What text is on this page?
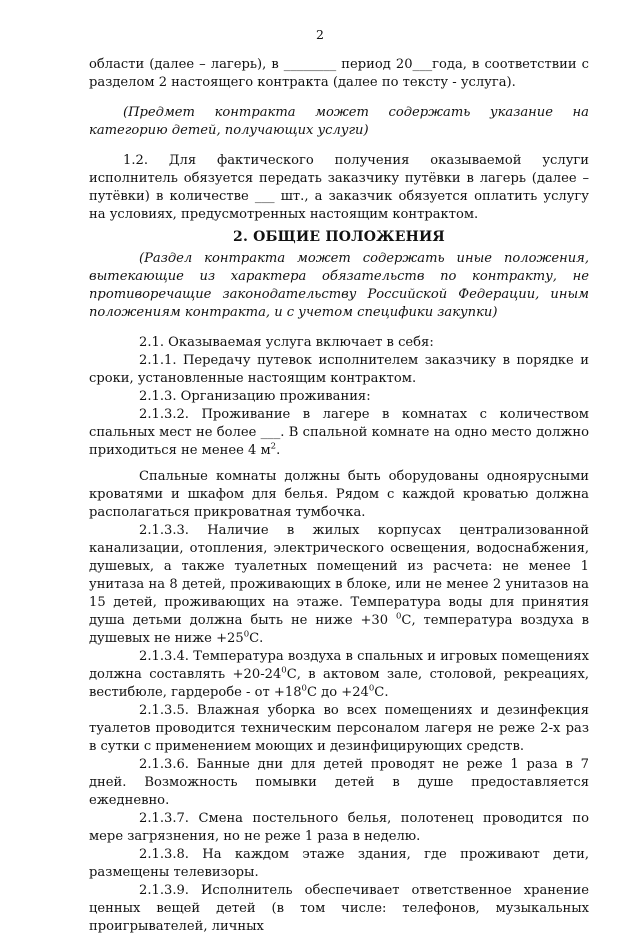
2

области (далее – лагерь), в ________ период 20___года, в соответствии с разделом 2 настоящего контракта (далее по тексту - услуга).

(Предмет контракта может содержать указание на категорию детей, получающих услуги)

1.2. Для фактического получения оказываемой услуги исполнитель обязуется передать заказчику путёвки в лагерь (далее – путёвки) в количестве ___ шт., а заказчик обязуется оплатить услугу на условиях, предусмотренных настоящим контрактом.

2. ОБЩИЕ ПОЛОЖЕНИЯ

(Раздел контракта может содержать иные положения, вытекающие из характера обязательств по контракту, не противоречащие законодательству Российской Федерации, иным положениям контракта, и с учетом специфики закупки)

2.1. Оказываемая услуга включает в себя:

2.1.1. Передачу путевок исполнителем заказчику в порядке и сроки, установленные настоящим контрактом.

2.1.3. Организацию проживания:

2.1.3.2. Проживание в лагере в комнатах с количеством спальных мест не более ___. В спальной комнате на одно место должно приходиться не менее 4 $м^2$.

Спальные комнаты должны быть оборудованы одноярусными кроватями и шкафом для белья. Рядом с каждой кроватью должна располагаться прикроватная тумбочка.

2.1.3.3. Наличие в жилых корпусах централизованной канализации, отопления, электрического освещения, водоснабжения, душевых, а также туалетных помещений из расчета: не менее 1 унитаза на 8 детей, проживающих в блоке, или не менее 2 унитазов на 15 детей, проживающих на этаже. Температура воды для принятия душа детьми должна быть не ниже +30 $^0$С, температура воздуха в душевых не ниже $+25^0С$.

2.1.3.4. Температура воздуха в спальных и игровых помещениях должна составлять $+20-24^0С$, в актовом зале, столовой, рекреациях, вестибюле, гардеробе - от $+18^0С$ до $+24^0С$.

2.1.3.5. Влажная уборка во всех помещениях и дезинфекция туалетов проводится техническим персоналом лагеря не реже 2-х раз в сутки с применением моющих и дезинфицирующих средств.

2.1.3.6. Банные дни для детей проводят не реже 1 раза в 7 дней. Возможность помывки детей в душе предоставляется ежедневно.

2.1.3.7. Смена постельного белья, полотенец проводится по мере загрязнения, но не реже 1 раза в неделю.

2.1.3.8. На каждом этаже здания, где проживают дети, размещены телевизоры.

2.1.3.9. Исполнитель обеспечивает ответственное хранение ценных вещей детей (в том числе: телефонов, музыкальных проигрывателей, личных
